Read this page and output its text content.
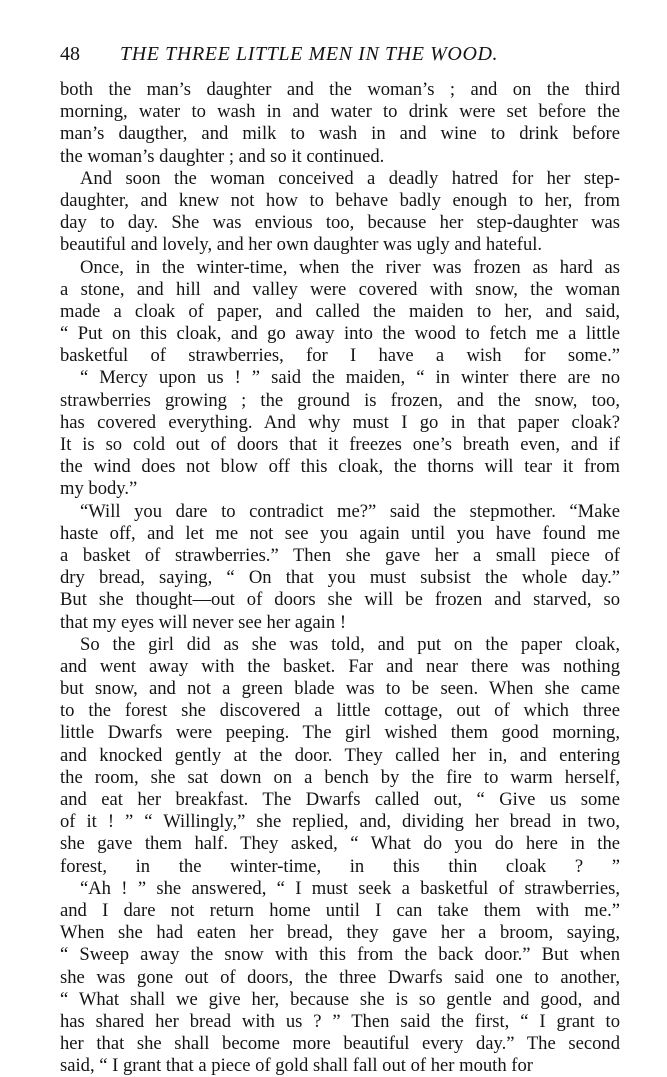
48 THE THREE LITTLE MEN IN THE WOOD.
both the man’s daughter and the woman’s ; and on the third
morning, water to wash in and water to drink were set before the
man’s daugther, and milk to wash in and wine to drink before
the woman’s daughter ; and so it continued.
And soon the woman conceived a deadly hatred for her step-
daughter, and knew not how to behave badly enough to her, from
day to day. She was envious too, because her step-daughter was
beautiful and lovely, and her own daughter was ugly and hateful.
Once, in the winter-time, when the river was frozen as hard as
a stone, and hill and valley were covered with snow, the woman
made a cloak of paper, and called the maiden to her, and said,
“ Put on this cloak, and go away into the wood to fetch me a little
basketful of strawberries, for I have a wish for some.”
“ Mercy upon us ! ” said the maiden, “ in winter there are no
strawberries growing ; the ground is frozen, and the snow, too,
has covered everything. And why must I go in that paper cloak?
It is so cold out of doors that it freezes one’s breath even, and if
the wind does not blow off this cloak, the thorns will tear it from
my body.”
“Will you dare to contradict me?” said the stepmother. “Make
haste off, and let me not see you again until you have found me
a basket of strawberries.” Then she gave her a small piece of
dry bread, saying, “ On that you must subsist the whole day.”
But she thought—out of doors she will be frozen and starved, so
that my eyes will never see her again !
So the girl did as she was told, and put on the paper cloak,
and went away with the basket. Far and near there was nothing
but snow, and not a green blade was to be seen. When she came
to the forest she discovered a little cottage, out of which three
little Dwarfs were peeping. The girl wished them good morning,
and knocked gently at the door. They called her in, and entering
the room, she sat down on a bench by the fire to warm herself,
and eat her breakfast. The Dwarfs called out, “ Give us some
of it ! ” “ Willingly,” she replied, and, dividing her bread in two,
she gave them half. They asked, “ What do you do here in the
forest, in the winter-time, in this thin cloak ? ”
“Ah ! ” she answered, “ I must seek a basketful of strawberries,
and I dare not return home until I can take them with me.”
When she had eaten her bread, they gave her a broom, saying,
“ Sweep away the snow with this from the back door.” But when
she was gone out of doors, the three Dwarfs said one to another,
“ What shall we give her, because she is so gentle and good, and
has shared her bread with us ? ” Then said the first, “ I grant to
her that she shall become more beautiful every day.” The second
said, “ I grant that a piece of gold shall fall out of her mouth for
